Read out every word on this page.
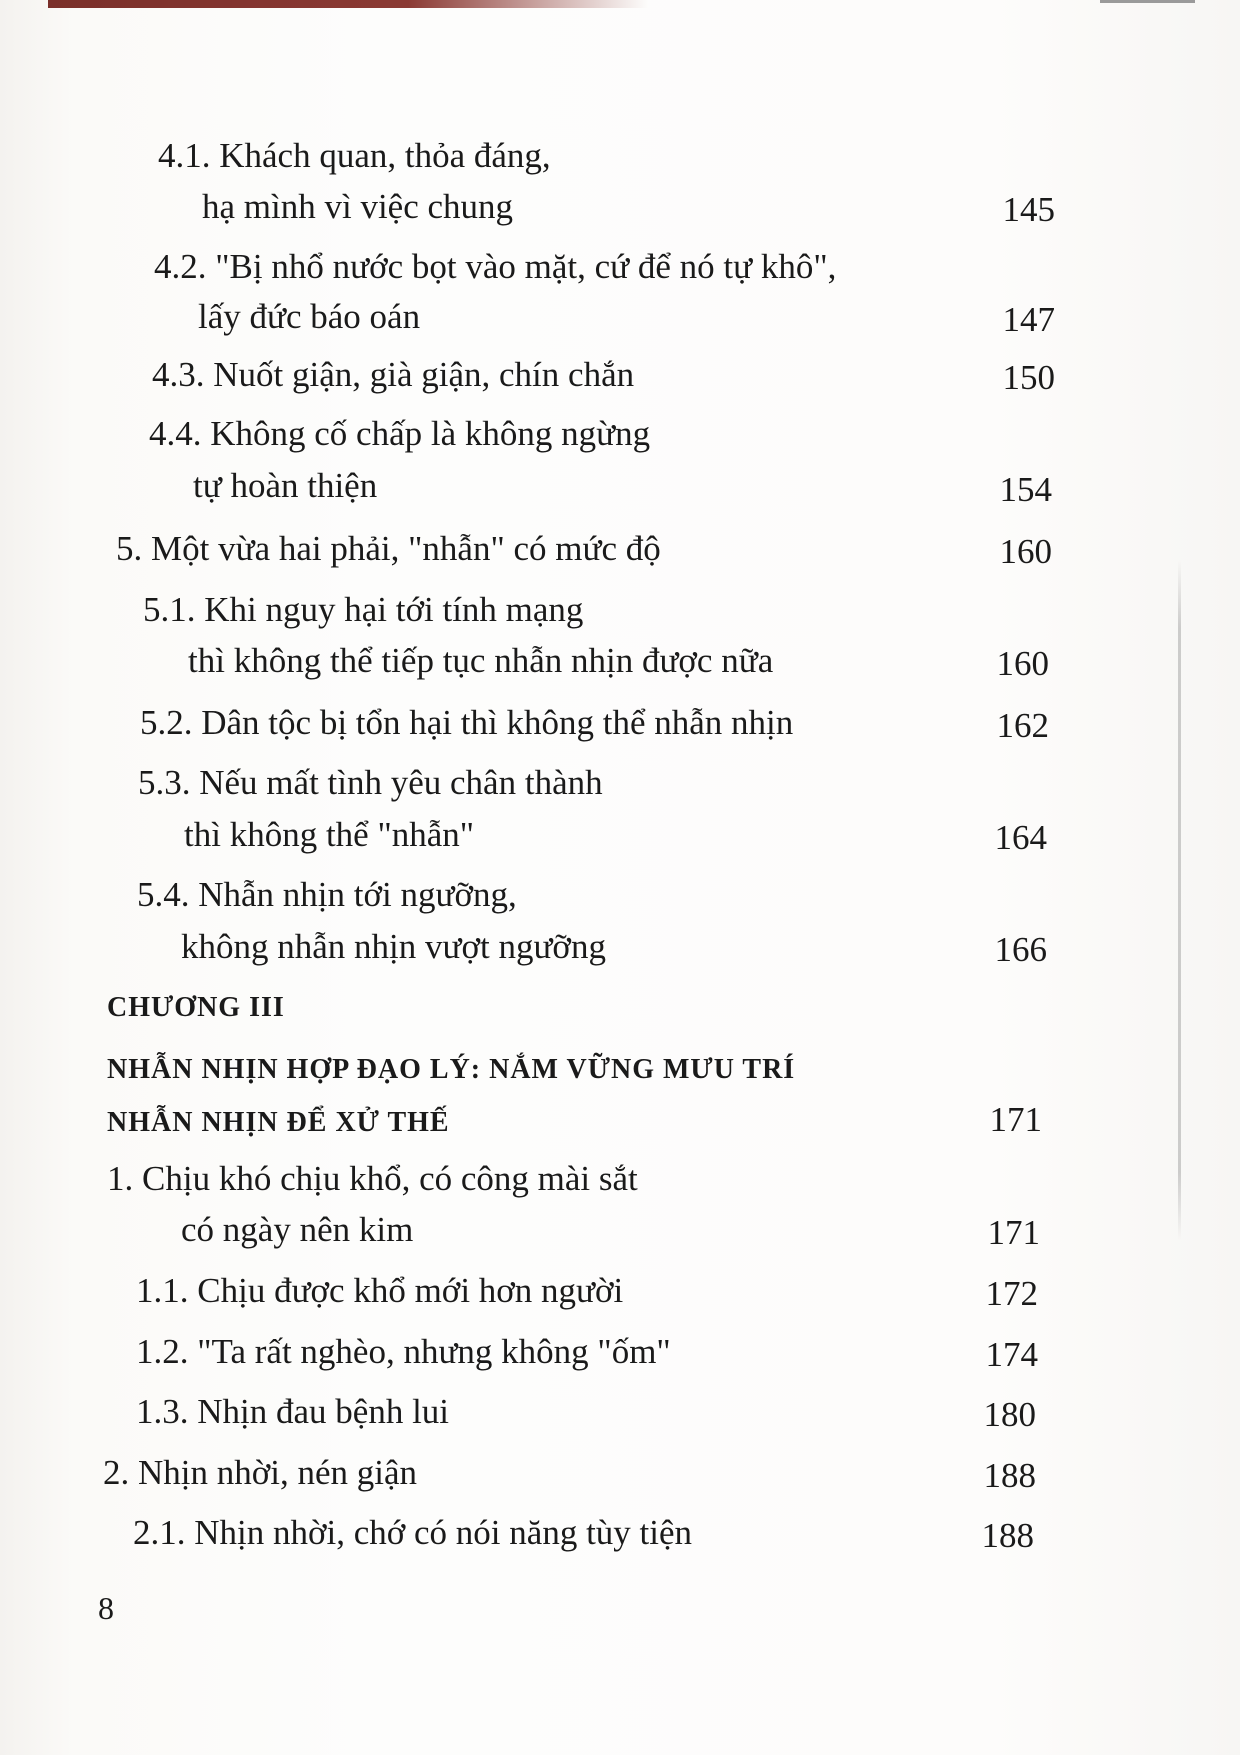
4.1. Khách quan, thỏa đáng,
hạ mình vì việc chung	145
4.2. "Bị nhổ nước bọt vào mặt, cứ để nó tự khô",
lấy đức báo oán	147
4.3. Nuốt giận, già giận, chín chắn	150
4.4. Không cố chấp là không ngừng
tự hoàn thiện	154
5. Một vừa hai phải, "nhẫn" có mức độ	160
5.1. Khi nguy hại tới tính mạng
thì không thể tiếp tục nhẫn nhịn được nữa	160
5.2. Dân tộc bị tổn hại thì không thể nhẫn nhịn	162
5.3. Nếu mất tình yêu chân thành
thì không thể "nhẫn"	164
5.4. Nhẫn nhịn tới ngưỡng,
không nhẫn nhịn vượt ngưỡng	166
CHƯƠNG III
NHẪN NHỊN HỢP ĐẠO LÝ: NẮM VỮNG MƯU TRÍ
NHẪN NHỊN ĐỂ XỬ THẾ	171
1. Chịu khó chịu khổ, có công mài sắt
có ngày nên kim	171
1.1. Chịu được khổ mới hơn người	172
1.2. "Ta rất nghèo, nhưng không "ốm"	174
1.3. Nhịn đau bệnh lui	180
2. Nhịn nhời, nén giận	188
2.1. Nhịn nhời, chớ có nói năng tùy tiện	188
8
